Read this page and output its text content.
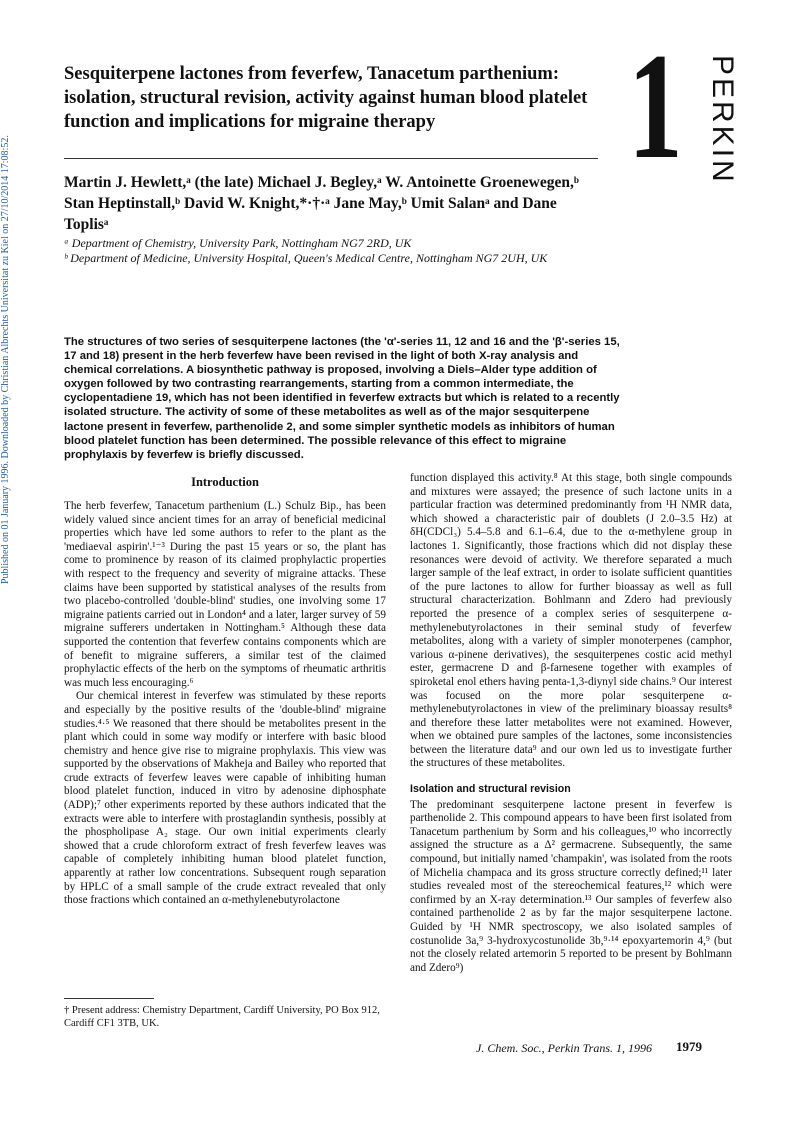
Published on 01 January 1996. Downloaded by Christian Albrechts Universitat zu Kiel on 27/10/2014 17:08:52.
Sesquiterpene lactones from feverfew, Tanacetum parthenium: isolation, structural revision, activity against human blood platelet function and implications for migraine therapy	1 PERKIN
Martin J. Hewlett,ᵃ (the late) Michael J. Begley,ᵃ W. Antoinette Groenewegen,ᵇ Stan Heptinstall,ᵇ David W. Knight,*·†·ᵃ Jane May,ᵇ Umit Salanᵃ and Dane Toplisᵃ

ᵃ Department of Chemistry, University Park, Nottingham NG7 2RD, UK

ᵇ Department of Medicine, University Hospital, Queen's Medical Centre, Nottingham NG7 2UH, UK

The structures of two series of sesquiterpene lactones (the 'α'-series 11, 12 and 16 and the 'β'-series 15, 17 and 18) present in the herb feverfew have been revised in the light of both X-ray analysis and chemical correlations. A biosynthetic pathway is proposed, involving a Diels–Alder type addition of oxygen followed by two contrasting rearrangements, starting from a common intermediate, the cyclopentadiene 19, which has not been identified in feverfew extracts but which is related to a recently isolated structure. The activity of some of these metabolites as well as of the major sesquiterpene lactone present in feverfew, parthenolide 2, and some simpler synthetic models as inhibitors of human blood platelet function has been determined. The possible relevance of this effect to migraine prophylaxis by feverfew is briefly discussed.
Introduction

The herb feverfew, Tanacetum parthenium (L.) Schulz Bip., has been widely valued since ancient times for an array of beneficial medicinal properties which have led some authors to refer to the plant as the 'mediaeval aspirin'.¹⁻³ During the past 15 years or so, the plant has come to prominence by reason of its claimed prophylactic properties with respect to the frequency and severity of migraine attacks. These claims have been supported by statistical analyses of the results from two placebo-controlled 'double-blind' studies, one involving some 17 migraine patients carried out in London⁴ and a later, larger survey of 59 migraine sufferers undertaken in Nottingham.⁵ Although these data supported the contention that feverfew contains components which are of benefit to migraine sufferers, a similar test of the claimed prophylactic effects of the herb on the symptoms of rheumatic arthritis was much less encouraging.⁶

Our chemical interest in feverfew was stimulated by these reports and especially by the positive results of the 'double-blind' migraine studies.⁴·⁵ We reasoned that there should be metabolites present in the plant which could in some way modify or interfere with basic blood chemistry and hence give rise to migraine prophylaxis. This view was supported by the observations of Makheja and Bailey who reported that crude extracts of feverfew leaves were capable of inhibiting human blood platelet function, induced in vitro by adenosine diphosphate (ADP);⁷ other experiments reported by these authors indicated that the extracts were able to interfere with prostaglandin synthesis, possibly at the phospholipase A₂ stage. Our own initial experiments clearly showed that a crude chloroform extract of fresh feverfew leaves was capable of completely inhibiting human blood platelet function, apparently at rather low concentrations. Subsequent rough separation by HPLC of a small sample of the crude extract revealed that only those fractions which contained an α-methylenebutyrolactone

function displayed this activity.⁸ At this stage, both single compounds and mixtures were assayed; the presence of such lactone units in a particular fraction was determined predominantly from ¹H NMR data, which showed a characteristic pair of doublets (J 2.0–3.5 Hz) at δH(CDCl₃) 5.4–5.8 and 6.1–6.4, due to the α-methylene group in lactones 1. Significantly, those fractions which did not display these resonances were devoid of activity. We therefore separated a much larger sample of the leaf extract, in order to isolate sufficient quantities of the pure lactones to allow for further bioassay as well as full structural characterization. Bohlmann and Zdero had previously reported the presence of a complex series of sesquiterpene α-methylenebutyrolactones in their seminal study of feverfew metabolites, along with a variety of simpler monoterpenes (camphor, various α-pinene derivatives), the sesquiterpenes costic acid methyl ester, germacrene D and β-farnesene together with examples of spiroketal enol ethers having penta-1,3-diynyl side chains.⁹ Our interest was focused on the more polar sesquiterpene α-methylenebutyrolactones in view of the preliminary bioassay results⁸ and therefore these latter metabolites were not examined. However, when we obtained pure samples of the lactones, some inconsistencies between the literature data⁹ and our own led us to investigate further the structures of these metabolites.

Isolation and structural revision

The predominant sesquiterpene lactone present in feverfew is parthenolide 2. This compound appears to have been first isolated from Tanacetum parthenium by Sorm and his colleagues,¹⁰ who incorrectly assigned the structure as a Δ² germacrene. Subsequently, the same compound, but initially named 'champakin', was isolated from the roots of Michelia champaca and its gross structure correctly defined;¹¹ later studies revealed most of the stereochemical features,¹² which were confirmed by an X-ray determination.¹³ Our samples of feverfew also contained parthenolide 2 as by far the major sesquiterpene lactone. Guided by ¹H NMR spectroscopy, we also isolated samples of costunolide 3a,⁹ 3-hydroxycostunolide 3b,⁹·¹⁴ epoxyartemorin 4,⁹ (but not the closely related artemorin 5 reported to be present by Bohlmann and Zdero⁹)

† Present address: Chemistry Department, Cardiff University, PO Box 912, Cardiff CF1 3TB, UK.
J. Chem. Soc., Perkin Trans. 1, 1996 1979
